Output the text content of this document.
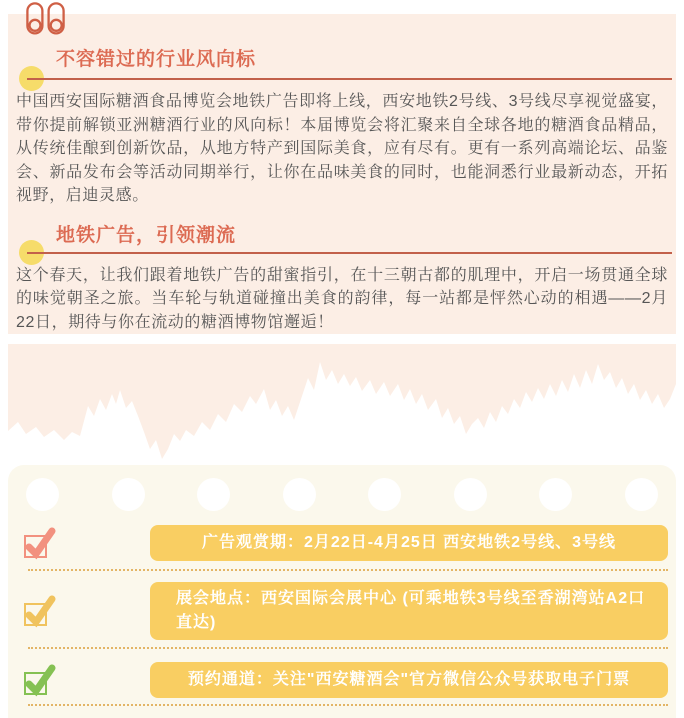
不容错过的行业风向标

中国西安国际糖酒食品博览会地铁广告即将上线，西安地铁2号线、3号线尽享视觉盛宴，带你提前解锁亚洲糖酒行业的风向标！本届博览会将汇聚来自全球各地的糖酒食品精品，从传统佳酿到创新饮品，从地方特产到国际美食，应有尽有。更有一系列高端论坛、品鉴会、新品发布会等活动同期举行，让你在品味美食的同时，也能洞悉行业最新动态，开拓视野，启迪灵感。

地铁广告，引领潮流

这个春天，让我们跟着地铁广告的甜蜜指引，在十三朝古都的肌理中，开启一场贯通全球的味觉朝圣之旅。当车轮与轨道碰撞出美食的韵律，每一站都是怦然心动的相遇——2月22日，期待与你在流动的糖酒博物馆邂逅！

广告观赏期：2月22日-4月25日 西安地铁2号线、3号线
展会地点：西安国际会展中心 (可乘地铁3号线至香湖湾站A2口直达)
预约通道：关注"西安糖酒会"官方微信公众号获取电子门票
